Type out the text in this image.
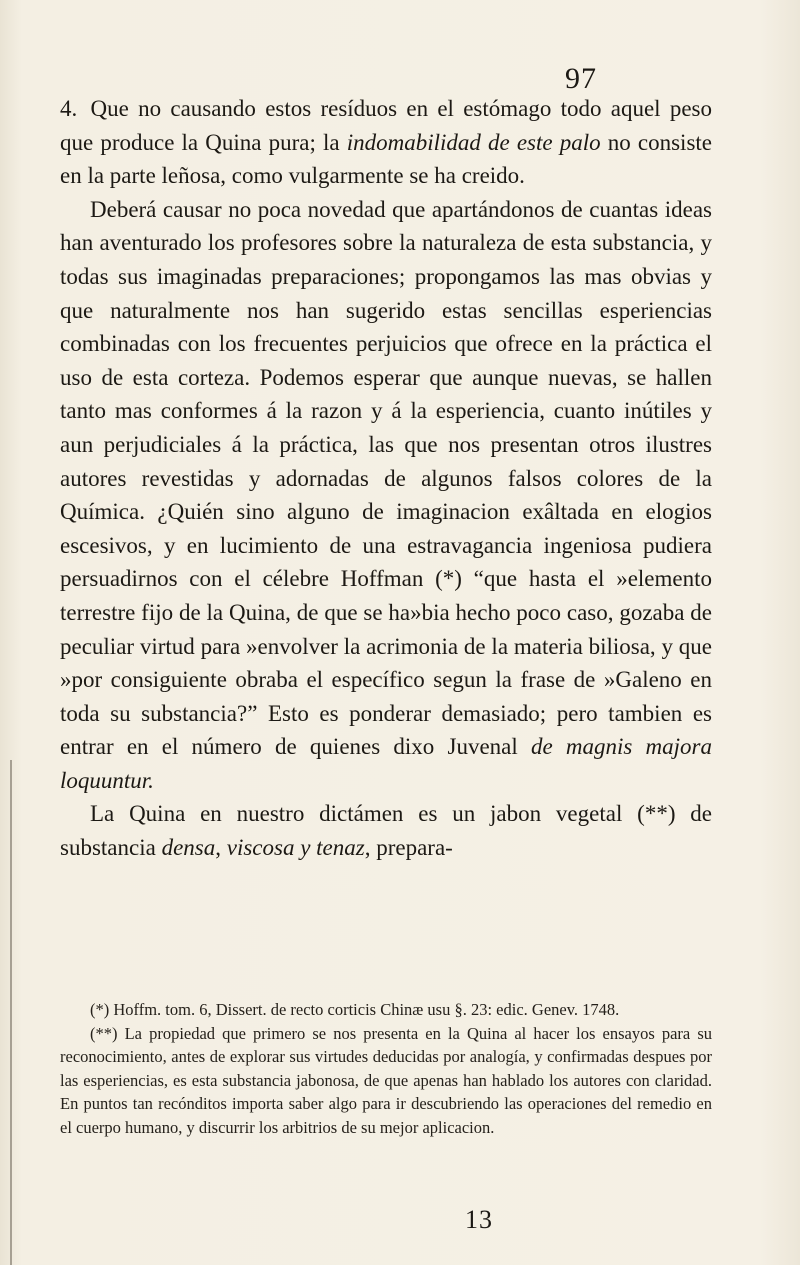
97

4. Que no causando estos resíduos en el estómago todo aquel peso que produce la Quina pura; la indomabilidad de este palo no consiste en la parte leñosa, como vulgarmente se ha creido.

Deberá causar no poca novedad que apartándonos de cuantas ideas han aventurado los profesores sobre la naturaleza de esta substancia, y todas sus imaginadas preparaciones; propongamos las mas obvias y que naturalmente nos han sugerido estas sencillas esperiencias combinadas con los frecuentes perjuicios que ofrece en la práctica el uso de esta corteza. Podemos esperar que aunque nuevas, se hallen tanto mas conformes á la razon y á la esperiencia, cuanto inútiles y aun perjudiciales á la práctica, las que nos presentan otros ilustres autores revestidas y adornadas de algunos falsos colores de la Química. ¿Quién sino alguno de imaginacion exâltada en elogios escesivos, y en lucimiento de una estravagancia ingeniosa pudiera persuadirnos con el célebre Hoffman (*) “que hasta el »elemento terrestre fijo de la Quina, de que se ha»bia hecho poco caso, gozaba de peculiar virtud para »envolver la acrimonia de la materia biliosa, y que »por consiguiente obraba el específico segun la frase de »Galeno en toda su substancia?” Esto es ponderar demasiado; pero tambien es entrar en el número de quienes dixo Juvenal de magnis majora loquuntur.

La Quina en nuestro dictámen es un jabon vegetal (**) de substancia densa, viscosa y tenaz, prepara-

(*) Hoffm. tom. 6, Dissert. de recto corticis Chinæ usu §. 23: edic. Genev. 1748.

(**) La propiedad que primero se nos presenta en la Quina al hacer los ensayos para su reconocimiento, antes de explorar sus virtudes deducidas por analogía, y confirmadas despues por las esperiencias, es esta substancia jabonosa, de que apenas han hablado los autores con claridad. En puntos tan recónditos importa saber algo para ir descubriendo las operaciones del remedio en el cuerpo humano, y discurrir los arbitrios de su mejor aplicacion.

13
